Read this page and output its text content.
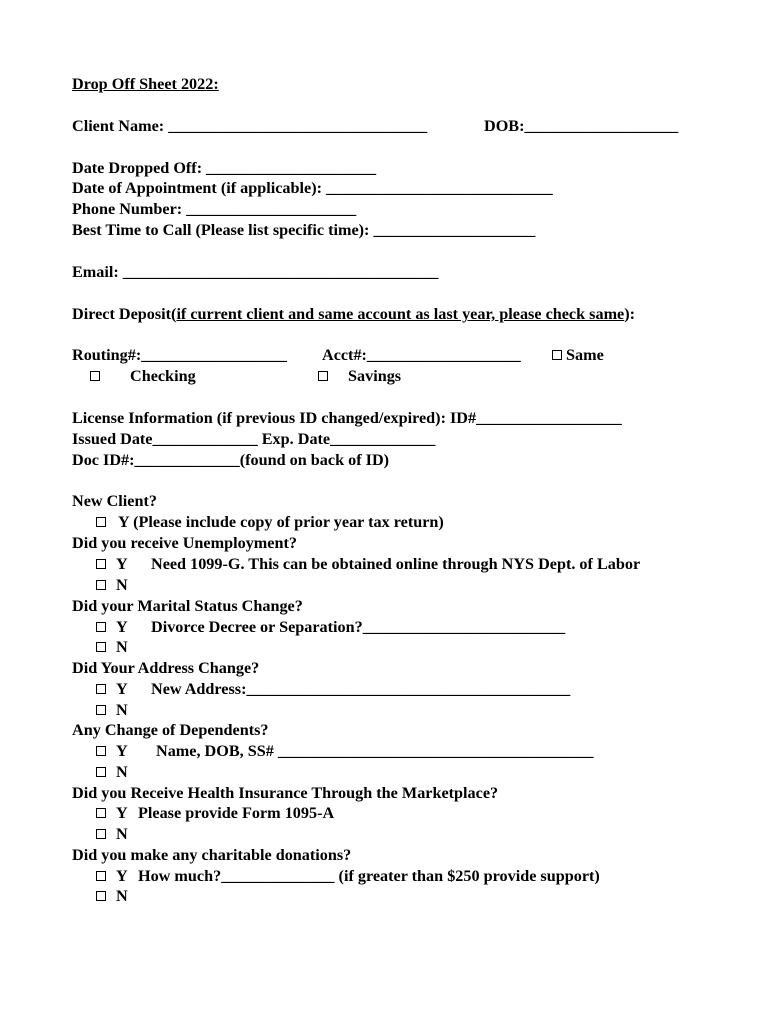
Drop Off Sheet 2022:
Client Name: ________________________________	DOB:___________________
Date Dropped Off: _____________________
Date of Appointment (if applicable): ____________________________
Phone Number: _____________________
Best Time to Call (Please list specific time): ____________________
Email: _______________________________________
Direct Deposit(if current client and same account as last year, please check same):
Routing#:__________________ Acct#:___________________	Same
Checking	Savings
License Information (if previous ID changed/expired): ID#__________________
Issued Date_____________ Exp. Date_____________
Doc ID#:_____________(found on back of ID)
New Client?
Y (Please include copy of prior year tax return)
Did you receive Unemployment?
Y Need 1099-G. This can be obtained online through NYS Dept. of Labor
N
Did your Marital Status Change?
Y Divorce Decree or Separation?_________________________
N
Did Your Address Change?
Y New Address:________________________________________
N
Any Change of Dependents?
Y Name, DOB, SS# _______________________________________
N
Did you Receive Health Insurance Through the Marketplace?
Y Please provide Form 1095-A
N
Did you make any charitable donations?
Y How much?______________ (if greater than $250 provide support)
N
